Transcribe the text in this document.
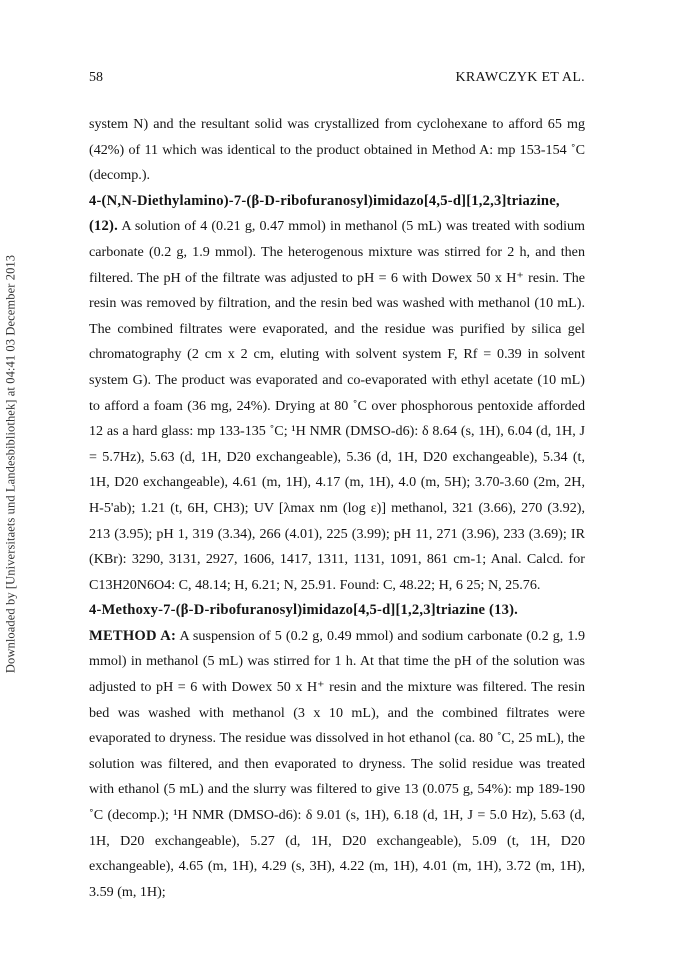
Downloaded by [Universitaets und Landesbibliothek] at 04:41 03 December 2013
58	KRAWCZYK ET AL.

system N) and the resultant solid was crystallized from cyclohexane to afford 65 mg (42%) of 11 which was identical to the product obtained in Method A: mp 153-154 ˚C (decomp.).

4-(N,N-Diethylamino)-7-(β-D-ribofuranosyl)imidazo[4,5-d][1,2,3]triazine, (12). A solution of 4 (0.21 g, 0.47 mmol) in methanol (5 mL) was treated with sodium carbonate (0.2 g, 1.9 mmol). The heterogenous mixture was stirred for 2 h, and then filtered. The pH of the filtrate was adjusted to pH = 6 with Dowex 50 x H⁺ resin. The resin was removed by filtration, and the resin bed was washed with methanol (10 mL). The combined filtrates were evaporated, and the residue was purified by silica gel chromatography (2 cm x 2 cm, eluting with solvent system F, Rf = 0.39 in solvent system G). The product was evaporated and co-evaporated with ethyl acetate (10 mL) to afford a foam (36 mg, 24%). Drying at 80 ˚C over phosphorous pentoxide afforded 12 as a hard glass: mp 133-135 ˚C; ¹H NMR (DMSO-d6): δ 8.64 (s, 1H), 6.04 (d, 1H, J = 5.7Hz), 5.63 (d, 1H, D20 exchangeable), 5.36 (d, 1H, D20 exchangeable), 5.34 (t, 1H, D20 exchangeable), 4.61 (m, 1H), 4.17 (m, 1H), 4.0 (m, 5H); 3.70-3.60 (2m, 2H, H-5'ab); 1.21 (t, 6H, CH3); UV [λmax nm (log ε)] methanol, 321 (3.66), 270 (3.92), 213 (3.95); pH 1, 319 (3.34), 266 (4.01), 225 (3.99); pH 11, 271 (3.96), 233 (3.69); IR (KBr): 3290, 3131, 2927, 1606, 1417, 1311, 1131, 1091, 861 cm-1; Anal. Calcd. for C13H20N6O4: C, 48.14; H, 6.21; N, 25.91. Found: C, 48.22; H, 6 25; N, 25.76.

4-Methoxy-7-(β-D-ribofuranosyl)imidazo[4,5-d][1,2,3]triazine (13).

METHOD A: A suspension of 5 (0.2 g, 0.49 mmol) and sodium carbonate (0.2 g, 1.9 mmol) in methanol (5 mL) was stirred for 1 h. At that time the pH of the solution was adjusted to pH = 6 with Dowex 50 x H⁺ resin and the mixture was filtered. The resin bed was washed with methanol (3 x 10 mL), and the combined filtrates were evaporated to dryness. The residue was dissolved in hot ethanol (ca. 80 ˚C, 25 mL), the solution was filtered, and then evaporated to dryness. The solid residue was treated with ethanol (5 mL) and the slurry was filtered to give 13 (0.075 g, 54%): mp 189-190 ˚C (decomp.); ¹H NMR (DMSO-d6): δ 9.01 (s, 1H), 6.18 (d, 1H, J = 5.0 Hz), 5.63 (d, 1H, D20 exchangeable), 5.27 (d, 1H, D20 exchangeable), 5.09 (t, 1H, D20 exchangeable), 4.65 (m, 1H), 4.29 (s, 3H), 4.22 (m, 1H), 4.01 (m, 1H), 3.72 (m, 1H), 3.59 (m, 1H);
